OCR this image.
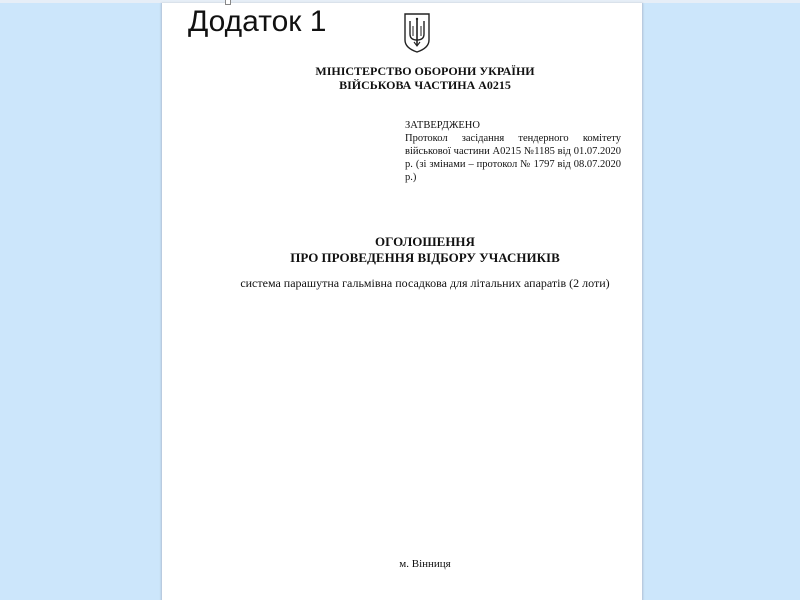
Додаток 1
МІНІСТЕРСТВО ОБОРОНИ УКРАЇНИ
ВІЙСЬКОВА ЧАСТИНА А0215
ЗАТВЕРДЖЕНО
Протокол засідання тендерного комітету військової частини А0215 №1185 від 01.07.2020 р. (зі змінами – протокол № 1797 від 08.07.2020 р.)
ОГОЛОШЕННЯ
ПРО ПРОВЕДЕННЯ ВІДБОРУ УЧАСНИКІВ
система парашутна гальмівна посадкова для літальних апаратів (2 лоти)
м. Вінниця
